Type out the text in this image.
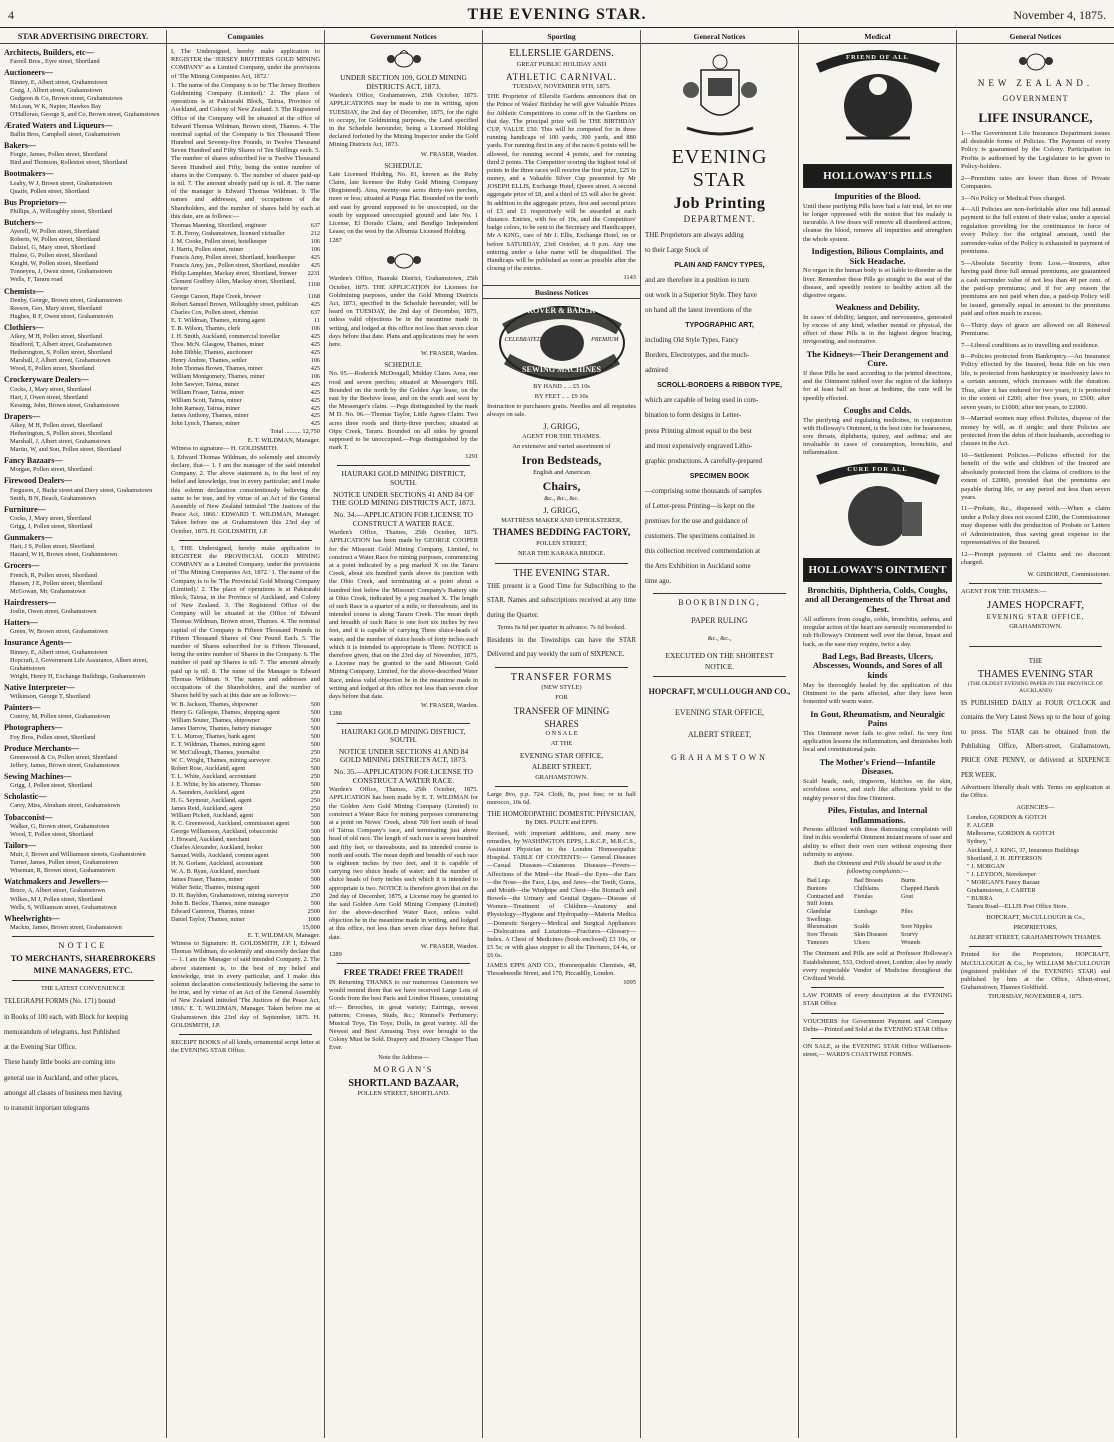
4	THE EVENING STAR.	November 4, 1875.
STAR ADVERTISING DIRECTORY.
Architects, Builders, etc—
Farrell Bros., Eyre street, Shortland
Auctioneers—
Binney, E, Albert street, Grahamstown
Craig, J, Albert street, Grahamstown
Gudgeon & Co, Brown street, Grahamstown
McLean, W K, Napier, Hawkes Bay
O'Halloran, George S, and Co, Brown street, Grahamstown
Ærated Waters and Liqueurs—
Ballin Bros, Campbell street, Grahamstown
Bakers—
Forgie, James, Pollen street, Shortland
Bird and Thomson, Rolleston street, Shortland
Bootmakers—
Leahy, W J, Brown street, Grahamstown
Quaife, Pollen street, Shortland
Bus Proprietors—
Phillips, A, Willoughby street, Shortland
Butchers—
Ayerell, W, Pollen street, Shortland
Roberts, W, Pollen street, Shortland
Dalziel, G, Mary street, Shortland
Hulme, G, Pollen street, Shortland
Knight, W, Pollen street, Shortland
Tonneyeu, J, Owen street, Grahamstown
Wells, F, Tararu road
Chemists—
Denby, George, Brown street, Grahamstown
Reeson, Geo, Mary street, Shortland
Hughes, R F, Owen street, Grahamstown
Clothiers—
Aikey, M H, Pollen street, Shortland
Bradford, T, Albert street, Grahamstown
Hetherington, S, Pollen street, Shortland
Marshall, J, Albert street, Grahamstown
Wood, E, Pollen street, Shortland
Crockeryware Dealers—
Cocks, J, Mary street, Shortland
Hart, J, Owen street, Shortland
Kessing, John, Brown street, Grahamstown
Drapers—
Aikey, M H, Pollen street, Shortland
Hetherington, S, Pollen street, Shortland
Marshall, J, Albert street, Grahamstown
Martin, W, and Son, Pollen street, Shortland
Fancy Bazaars—
Morgan, Pollen street, Shortland
Firewood Dealers—
Ferguson, J, Burke street and Davy street, Grahamstown
Smith, B N, Beach, Grahamstown
Furniture—
Cocks, J, Mary street, Shortland
Grigg, J, Pollen street, Shortland
Gunmakers—
Hart, J S, Pollen street, Shortland
Hazard, W H, Brown street, Grahamstown
Grocers—
French, R, Pollen street, Shortland
Hansen, J E, Pollen street, Shortland
McGowan, Mr, Grahamstown
Hairdressers—
Joslin, Owen street, Grahamstown
Hatters—
Green, W, Brown street, Grahamstown
Insurance Agents—
Binney, E, Albert street, Grahamstown
Hopcraft, J, Government Life Assurance, Albert street, Grahamstown
Wright, Henry H, Exchange Buildings, Grahamstown
Native Interpreter—
Wilkinson, George T, Shortland
Painters—
Conroy, M, Pollen street, Grahamstown
Photographers—
Foy Bros, Pollen street, Shortland
Produce Merchants—
Greenwood & Co, Pollen street, Shortland
Jeffery, James, Brown street, Grahamstown
Sewing Machines—
Grigg, J, Pollen street, Shortland
Scholastic—
Carey, Miss, Abraham street, Grahamstown
Tobacconist—
Walker, G, Brown street, Grahamstown
Wood, T, Pollen street, Shortland
Tailors—
Muir, J, Brown and Williamson streets, Grahamstown
Turner, James, Pollen street, Grahamstown
Wiseman, R, Brown street, Grahamstown
Watchmakers and Jewellers—
Bruce, A, Albert street, Grahamstown
Wilkes, M J, Pollen street, Shortland
Wells, S, Williamson street, Grahamstown
Wheelwrights—
Mackin, James, Brown street, Grahamstown
NOTICE
TO MERCHANTS, SHAREBROKERS
MINE MANAGERS, ETC.
THE LATEST CONVENIENCE
TELEGRAPH FORMS (No. 171) bound
in Books of 100 each, with Block for keeping
memorandum of telegrams, Just Published
at the Evening Star Office.
These handy little books are coming into
general use in Auckland, and other places,
amongst all classes of business men having
to transmit important telegrams
Companies
I, The Undersigned, hereby make application to REGISTER the 'JERSEY BROTHERS GOLD MINING COMPANY' as a Limited Company, under the provisions of 'The Mining Companies Act, 1872.'
1. The name of the Company is to be 'The Jersey Brothers Goldmining Company (Limited).' 2. The place of operations is at Pakirarahi Block, Tairua, Province of Auckland, and Colony of New Zealand. 3. The Registered Office of the Company will be situated at the office of Edward Thomas Wildman, Brown street, Thames. 4. The nominal capital of the Company is Six Thousand Three Hundred and Seventy-five Pounds, in Twelve Thousand Seven Hundred and Fifty Shares of Ten Shillings each. 5. The number of shares subscribed for is Twelve Thousand Seven Hundred and Fifty, being the entire number of shares in the Company. 6. The number of shares paid-up is nil. 7. The amount already paid up is nil. 8. The name of the manager is Edward Thomas Wildman. 9. The names and addresses, and occupations of the Shareholders, and the number of shares held by each at this date, are as follows:—
Thomas Manning, Shortland, engineer	637
T. B. Feroy, Grahamstown, licensed victualler	212
J. M. Cooke, Pollen street, hotelkeeper	106
J. Harris, Pollen street, miner	106
Francis Amy, Pollen street, Shortland, hotelkeeper	425
Francis Amy, jun., Pollen street, Shortland, moulder	425
Philip Lamphier, Mackay street, Shortland, brewer	2231
Clement Godfrey Allen, Mackay street, Shortland, brewer	1168
George Carson, Hape Creek, brewer	1168
Robert Samuel Brown, Willoughby street, publican	425
Charles Cox, Pollen street, chemist	637
E. T. Wildman, Thames, mining agent	11
T. B. Wilson, Thames, clerk	106
J. H. Smith, Auckland, commercial traveller	425
Thos. McN. Glasgow, Thames, miner	425
John Dibble, Thames, auctioneer	425
Henry Andree, Thames, settler	106
John Thomas Brown, Thames, miner	425
William Montgomery, Thames, miner	106
John Sawyer, Tairua, miner	425
William Fraser, Tairua, miner	425
William Scott, Tairua, miner	425
John Ramsay, Tairua, miner	425
James Anthony, Thames, miner	425
John Lynch, Thames, miner	425
Total .......... 12,750
E. T. WILDMAN, Manager.
Witness to signature— H. GOLDSMITH.
I, Edward Thomas Wildman, do solemnly and sincerely declare, that— 1. I am the manager of the said intended Company. 2. The above statement is, to the best of my belief and knowledge, true in every particular; and I make this solemn declaration conscientiously believing the same to be true, and by virtue of an Act of the General Assembly of New Zealand intituled 'The Justices of the Peace Act, 1866.' EDWARD T. WILDMAN, Manager. Taken before me at Grahamstown this 23rd day of October, 1875. H. GOLDSMITH, J.P.
I, THE Undersigned, hereby make application to REGISTER the PROVINCIAL GOLD MINING COMPANY as a Limited Company, under the provisions of 'The Mining Companies Act, 1872.' 1. The name of the Company is to be 'The Provincial Gold Mining Company (Limited).' 2. The place of operations is at Pakirarahi Block, Tairua, in the Province of Auckland, and Colony of New Zealand. 3. The Registered Office of the Company will be situated at the Office of Edward Thomas Wildman, Brown street, Thames. 4. The nominal capital of the Company is Fifteen Thousand Pounds in Fifteen Thousand Shares of One Pound Each. 5. The number of Shares subscribed for is Fifteen Thousand, being the entire number of Shares in the Company. 6. The number of paid up Shares is nil. 7. The amount already paid up is nil. 8. The name of the Manager is Edward Thomas Wildman. 9. The names and addresses and occupations of the Shareholders, and the number of Shares held by each at this date are as follows:—
W. B. Jackson, Thames, shipowner	500
Henry G. Gillespie, Thames, shipping agent	500
William Souter, Thames, shipowner	500
James Darrow, Thames, battery manager	500
T. L. Murray, Thames, bank agent	500
E. T. Wildman, Thames, mining agent	500
W. McCullough, Thames, journalist	250
W. C. Wright, Thames, mining surveyor	250
Robert Rose, Auckland, agent	500
T. L. White, Auckland, accountant	250
J. E. White, by his attorney, Thomas	500
A. Saunders, Auckland, agent	250
H. G. Seymour, Auckland, agent	250
James Reid, Auckland, agent	250
William Pickett, Auckland, agent	500
R. C. Greenwood, Auckland, commission agent	500
George Williamson, Auckland, tobacconist	500
J. Howard, Auckland, merchant	500
Charles Alexander, Auckland, broker	500
Samuel Wells, Auckland, commn agent	500
H. N. Gorlane, Auckland, accountant	500
W. A. B. Ryan, Auckland, merchant	500
James Fraser, Thames, miner	500
Walter Seitz, Thames, mining agent	500
D. H. Bayldon, Grahamstown, mining surveyor	250
John B. Beckie, Thames, mine manager	500
Edward Cameron, Thames, miner	2500
Daniel Taylor, Thames, miner	1000
15,000
E. T. WILDMAN, Manager.
Witness to Signature: H. GOLDSMITH, J.P. I, Edward Thomas Wildman, do solemnly and sincerely declare that— 1. I am the Manager of said intended Company. 2. The above statement is, to the best of my belief and knowledge, true in every particular, and I make this solemn declaration conscientiously believing the same to be true, and by virtue of an Act of the General Assembly of New Zealand intituled 'The Justices of the Peace Act, 1866.' E. T. WILDMAN, Manager. Taken before me at Grahamstown this 23rd day of September, 1875. H. GOLDSMITH, J.P.
RECEIPT BOOKS of all kinds, ornamental script letter at the EVENING STAR Office.
Government Notices
UNDER SECTION 109, GOLD MINING DISTRICTS ACT, 1873.
Warden's Office, Grahamstown, 25th October, 1875. APPLICATIONS may be made to me in writing, upon TUESDAY, the 2nd day of December, 1875, for the right to occupy, for Goldmining purposes, the Land specified in the Schedule hereunder, being a Licensed Holding declared forfeited by the Mining Inspector under the Gold Mining Districts Act, 1873.
W. FRASER, Warden.
SCHEDULE.
Late Licensed Holding, No. 81, known as the Ruby Claim, late licensee the Ruby Gold Mining Company (Registered). Area, twenty-one acres thirty-two perches, more or less; situated at Punga Flat. Bounded on the north and east by ground supposed to be unoccupied, on the south by supposed unoccupied ground and late No. 1 License, El Dorado Claim, and Bendigo Independent Lease; on the west by the Alburnia Licensed Holding.
1287
Warden's Office, Hauraki District, Grahamstown, 25th October, 1875. THE APPLICATION for Licenses for Goldmining purposes, under the Gold Mining Districts Act, 1873, specified in the Schedule hereunder, will be heard on TUESDAY, the 2nd day of December, 1875, unless valid objections be in the meantime made in writing, and lodged at this office not less than seven clear days before that date. Plans and applications may be seen here.
W. FRASER, Warden.
SCHEDULE.
No. 95.—Roderick McDougall, Midday Claim. Area, one rood and seven perches; situated at Messenger's Hill. Bounded on the north by the Golden Age lease, on the east by the Beehive lease, and on the south and west by the Messenger's claim. —Pegs distinguished by the mark M D. No. 96.—Thomas Taylor, Little Agnes Claim. Two acres three roods and thirty-three perches; situated at Otpu Creek, Tararu. Bounded on all sides by ground supposed to be unoccupied.—Pegs distinguished by the mark T.
1291
HAURAKI GOLD MINING DISTRICT, SOUTH.
NOTICE UNDER SECTIONS 41 AND 84 OF THE GOLD MINING DISTRICTS ACT, 1873.
No. 34.—APPLICATION FOR LICENSE TO CONSTRUCT A WATER RACE.
Warden's Office, Thames, 25th October, 1875. APPLICATION has been made by GEORGE COOPER for the Missouri Gold Mining Company, Limited, to construct a Water Race for mining purposes, commencing at a point indicated by a peg marked X on the Tararu Creek, about six hundred yards above its junction with the Ohio Creek, and terminating at a point about a hundred feet below the Missouri Company's Battery site at Ohio Creek, indicated by a peg marked X. The length of such Race is a quarter of a mile, or thereabouts, and its intended course is along Tararu Creek. The mean depth and breadth of such Race is one foot six inches by two feet, and it is capable of carrying Three sluice-heads of water, and the number of sluice heads of forty inches each which it is intended to appropriate is Three. NOTICE is therefore given, that on the 23rd day of November, 1875, a License may be granted to the said Missouri Gold Mining Company, Limited, for the above-described Water Race, unless valid objection be in the meantime made in writing and lodged at this office not less than seven clear days before that date.
W. FRASER, Warden.
1288
HAURAKI GOLD MINING DISTRICT, SOUTH.
NOTICE UNDER SECTIONS 41 AND 84 GOLD MINING DISTRICTS ACT, 1873.
No. 35.—APPLICATION FOR LICENSE TO CONSTRUCT A WATER RACE.
Warden's Office, Thames, 25th October, 1875. APPLICATION has been made by E. T. WILDMAN for the Golden Arm Gold Mining Company (Limited) to construct a Water Race for mining purposes commencing at a point on Neves' Creek, about 700 feet south of head of Tairua Company's race, and terminating just above head of old race. The length of such race is seven hundred and fifty feet, or thereabouts, and its intended course is north and south. The mean depth and breadth of such race is eighteen inches by two feet, and it is capable of carrying two sluice heads of water; and the number of sluice heads of forty inches each which it is intended to appropriate is two. NOTICE is therefore given that on the 2nd day of December, 1875, a License may be granted to the said Golden Arm Gold Mining Company (Limited) for the above-described Water Race, unless valid objection be in the meantime made in writing, and lodged at this office, not less than seven clear days before that date.
W. FRASER, Warden.
1289
FREE TRADE! FREE TRADE!!
IN Returning THANKS to our numerous Customers we would remind them that we have received Large Lots of Goods from the best Paris and London Houses, consisting of:— Brooches, in great variety; Earrings, newest patterns; Crosses, Studs, &c.; Rimmel's Perfumery; Musical Toys, Tin Toys; Dolls, in great variety. All the Newest and Best Amusing Toys ever brought to the Colony Must be Sold. Drapery and Hosiery Cheaper Than Ever.
Note the Address—
MORGAN'S
SHORTLAND BAZAAR,
POLLEN STREET, SHORTLAND.
Sporting
ELLERSLIE GARDENS.
GREAT PUBLIC HOLIDAY AND
ATHLETIC CARNIVAL.
TUESDAY, NOVEMBER 9TH, 1875.
THE Proprietor of Ellerslie Gardens announces that on the Prince of Wales' Birthday he will give Valuable Prizes for Athletic Competitions to come off in the Gardens on that day. The principal prize will be THE BIRTHDAY CUP, VALUE £50. This will be competed for in three running handicaps of 100 yards, 300 yards, and 880 yards. For running first in any of the races 6 points will be allowed, for running second 4 points, and for running third 2 points. The Competitor scoring the highest total of points in the three races will receive the first prize, £25 in money, and a Valuable Silver Cup presented by Mr JOSEPH ELLIS, Exchange Hotel, Queen street. A second aggregate prize of £8, and a third of £5 will also be given. In addition to the aggregate prizes, first and second prizes of £3 and £1 respectively will be awarded at each distance. Entries, with fee of 10s, and the Competitors' badge colors, to be sent to the Secretary and Handicapper, Mr A KING, care of Mr J. Ellis, Exchange Hotel, on or before SATURDAY, 23rd October, at 9 p.m. Any one entering under a false name will be disqualified. The Handicaps will be published as soon as possible after the closing of the entries.
1143
Business Notices
GROVER & BAKER'S
SEWING MACHINES
CELEBRATED	PREMIUM
BY HAND .. .. £5 10s
BY FEET .. .. £9 10s
Instruction to purchasers gratis. Needles and all requisites always on sale.
J. GRIGG,
AGENT FOR THE THAMES.
An extensive and varied assortment of
Iron Bedsteads,
English and American
Chairs,
&c., &c., &c.
J. GRIGG,
MATTRESS MAKER AND UPHOLSTERER,
THAMES BEDDING FACTORY,
POLLEN STREET,
NEAR THE KARAKA BRIDGE.
THE EVENING STAR.
THE present is a Good Time for Subscribing to the STAR. Names and subscriptions received at any time during the Quarter.
Terms 6s 6d per quarter in advance. 7s 6d booked.
Residents in the Townships can have the STAR Delivered and pay weekly the sum of SIXPENCE.
TRANSFER FORMS
(NEW STYLE)
FOR
TRANSFER OF MINING
SHARES
O N S A L E
AT THE
EVENING STAR OFFICE,
ALBERT STREET,
GRAHAMSTOWN.
Large 8vo, p.p. 724. Cloth, 8s, post free; or in half morocco, 10s 6d.
THE HOMOEOPATHIC DOMESTIC PHYSICIAN,
By DRS. PULTE and EPPS.
Revised, with important additions, and many new remedies, by WASHINGTON EPPS, L.R.C.P., M.R.C.S., Assistant Physician to the London Homoeopathic Hospital. TABLE OF CONTENTS:— General Diseases—Casual Diseases—Cutaneous Diseases—Fevers—Affections of the Mind—the Head—the Eyes—the Ears—the Nose—the Face, Lips, and Jaws—the Teeth, Gums, and Mouth—the Windpipe and Chest—the Stomach and Bowels—the Urinary and Genital Organs—Disease of Women—Treatment of Children—Anatomy and Physiology—Hygiene and Hydropathy—Materia Medica—Domestic Surgery—Medical and Surgical Appliances—Dislocations and Luxations—Fractures—Glossary—Index. A Chest of Medicines (book enclosed) £3 10s, or £5 5s; or with glass stopper to all the Tinctures, £4 4s, or £6 6s.
JAMES EPPS AND CO., Homoeopathic Chemists, 48, Threadneedle Street, and 170, Piccadilly, London.
1095
General Notices
EVENING STAR
Job Printing
DEPARTMENT.
THE Proprietors are always adding
to their Large Stock of
PLAIN AND FANCY TYPES,
and are therefore in a position to turn
out work in a Superior Style. They have
on hand all the latest inventions of the
TYPOGRAPHIC ART,
including Old Style Types, Fancy
Borders, Electrotypes, and the much-
admired
SCROLL-BORDERS & RIBBON TYPE,
which are capable of being used in com-
bination to form designs in Letter-
press Printing almost equal to the best
and most expensively engraved Litho-
graphic productions. A carefully-prepared
SPECIMEN BOOK
—comprising some thousands of samples
of Letter-press Printing—is kept on the
premises for the use and guidance of
customers. The specimens contained in
this collection received commendation at
the Arts Exhibition in Auckland some
time ago.
BOOKBINDING,
PAPER RULING
&c., &c.,
EXECUTED ON THE SHORTEST
NOTICE.
HOPCRAFT, M'CULLOUGH AND CO.,
EVENING STAR OFFICE,
ALBERT STREET,
GRAHAMSTOWN
Medical
FRIEND OF ALL
HOLLOWAY'S PILLS
Impurities of the Blood.
Until these purifying Pills have had a fair trial, let no one be longer oppressed with the notion that his malady is incurable. A few doses will remove all disordered actions, cleanse the blood, remove all impurities and strengthen the whole system.
Indigestion, Bilious Complaints, and Sick Headache.
No organ in the human body is so liable to disorder as the liver. Remember these Pills go straight to the seat of the disease, and speedily restore to healthy action all the digestive organs.
Weakness and Debility.
In cases of debility, languor, and nervousness, generated by excess of any kind, whether mental or physical, the effect of these Pills is in the highest degree bracing, invigorating, and restorative.
The Kidneys—Their Derangement and Cure.
If these Pills be used according to the printed directions, and the Ointment rubbed over the region of the kidneys for at least half an hour at bedtime, the cure will be speedily effected.
Coughs and Colds.
The purifying and regulating medicines, in conjunction with Holloway's Ointment, is the best cure for hoarseness, sore throats, diphtheria, quinsy, and asthma; and are invaluable in cases of consumption, bronchitis, and inflammation.
CURE FOR ALL
HOLLOWAY'S OINTMENT
Bronchitis, Diphtheria, Colds, Coughs, and all Derangements of the Throat and Chest.
All sufferers from coughs, colds, bronchitis, asthma, and irregular action of the heart are earnestly recommended to rub Holloway's Ointment well over the throat, breast and back, as the ease may require, twice a day.
Bad Legs, Bad Breasts, Ulcers, Abscesses, Wounds, and Sores of all kinds
May be thoroughly healed by the application of this Ointment to the parts affected, after they have been fomented with warm water.
In Gout, Rheumatism, and Neuralgic Pains
This Ointment never fails to give relief. Its very first application lessens the inflammation, and diminishes both local and constitutional pain.
The Mother's Friend—Infantile Diseases.
Scald heads, rash, ringworm, blotches on the skin, scrofulous sores, and such like affections yield to the mighty power of this fine Ointment.
Piles, Fistulas, and Internal Inflammations.
Persons afflicted with these distressing complaints will find in this wonderful Ointment instant means of ease and ability to effect their own cure without exposing their infirmity to anyone.
Both the Ointment and Pills should be used in the following complaints:—
Bad Legs	Bad Breasts	Burns
Bunions	Chilblains	Chapped Hands
Contracted and Stiff Joints
Fistulas	Gout
Glandular Swellings
Lumbago	Piles
Rheumatism	Scalds	Sore Nipples
Sore Throats	Skin Diseases	Scurvy
Tumours	Ulcers	Wounds
The Ointment and Pills are sold at Professor Holloway's Establishment, 533, Oxford street, London; also by nearly every respectable Vendor of Medicine throughout the Civilized World.
LAW FORMS of every description at the EVENING STAR Office
VOUCHERS for Government Payment and Company Debts—Printed and Sold at the EVENING STAR Office
ON SALE, at the EVENING STAR Office Williamson-street,— WARD'S COASTWISE FORMS.
General Notices
NEW ZEALAND.
GOVERNMENT
LIFE INSURANCE,
1—The Government Life Insurance Department issues all desirable forms of Policies. The Payment of every Policy is guaranteed by the Colony. Participation in Profits is authorised by the Legislature to be given to Policy-holders.
2—Premium rates are lower than those of Private Companies.
3—No Policy or Medical Fees charged.
4—All Policies are non-forfeitable after one full annual payment to the full extent of their value, under a special regulation providing for the continuance in force of every Policy for the original amount, until the surrender-value of the Policy is exhausted in payment of premiums.
5—Absolute Security from Loss.—Insurers, after having paid three full annual premiums, are guaranteed a cash surrender value of not less than 40 per cent. of the paid-up premiums; and if for any reason the premiums are not paid when due, a paid-up Policy will be issued, generally equal in amount to the premiums paid and often much in excess.
6—Thirty days of grace are allowed on all Renewal Premiums.
7—Liberal conditions as to travelling and residence.
8—Policies protected from Bankruptcy.—An Insurance Policy effected by the Insured, bona fide on his own life, is protected from bankruptcy or insolvency laws to a certain amount, which increases with the duration. Thus, after it has endured for two years, it is protected to the extent of £200; after five years, to £500; after seven years, to £1000; after ten years, to £2000.
9—Married women may effect Policies, dispose of the money by will, as if single; and their Policies are protected from the debts of their husbands, according to clauses in the Act.
10—Settlement Policies.—Policies effected for the benefit of the wife and children of the Insured are absolutely protected from the claims of creditors to the extent of £2000, provided that the premiums are payable during life, or any period not less than seven years.
11—Probate, &c., dispensed with.—When a claim under a Policy does not exceed £200, the Commissioner may dispense with the production of Probate or Letters of Administration, thus saving great expense to the representatives of the Insured.
12—Prompt payment of Claims and no discount charged.
W. GISBORNE, Commissioner.
AGENT FOR THE THAMES:—
JAMES HOPCRAFT,
EVENING STAR OFFICE,
GRAHAMSTOWN.
THE
THAMES EVENING STAR
(THE OLDEST EVENING PAPER IN THE PROVINCE OF AUCKLAND)
IS PUBLISHED DAILY at FOUR O'CLOCK and contains the Very Latest News up to the hour of going to press. The STAR can be obtained from the Publishing Office, Albert-street, Grahamstown, PRICE ONE PENNY, or delivered at SIXPENCE PER WEEK.
Advertisers liberally dealt with. Terms on application at the Office.
AGENCIES—
London, GORDON & GOTCH
F. ALGER
Melbourne, GORDON & GOTCH
Sydney, "
Auckland, J. KING, 37, Insurance Buildings
Shortland, J. H. JEFFERSON
" J. MORGAN
" J. LEYDON, Storekeeper
" MORGAN'S Fancy Bazaar
Grahamstown, J. CARTER
" BURRA
Tararu Road—ELLIS Post Office Store.
HOPCRAFT, McCULLOUGH & Co.,
PROPRIETORS,
ALBERT STREET, GRAHAMSTOWN THAMES.
Printed for the Proprietors, HOPCRAFT, McCULLOUGH & Co., by WILLIAM McCULLOUGH (registered publisher of the EVENING STAR) and published by him at the Office, Albert-street, Grahamstown, Thames Goldfield.
THURSDAY, NOVEMBER 4, 1875.
